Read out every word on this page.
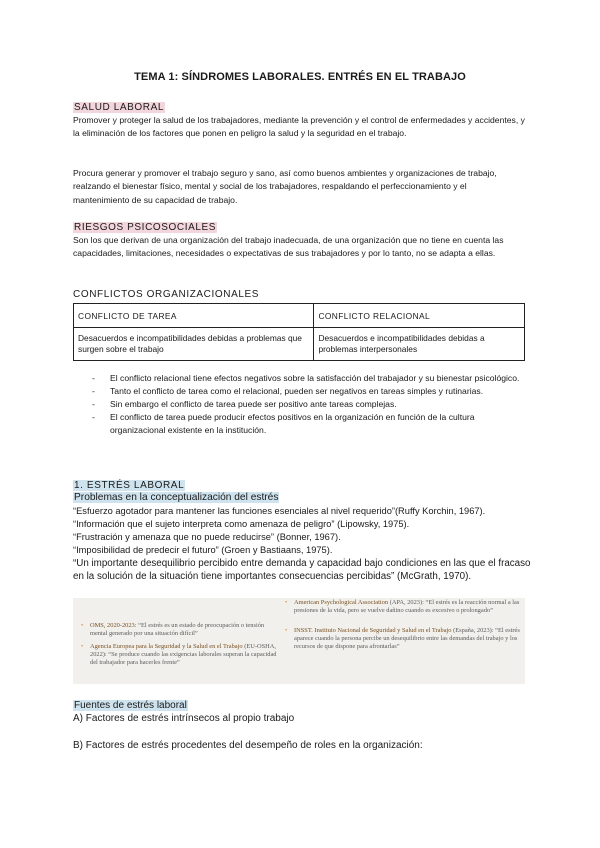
TEMA 1: SÍNDROMES LABORALES. ENTRÉS EN EL TRABAJO
SALUD LABORAL
Promover y proteger la salud de los trabajadores, mediante la prevención y el control de enfermedades y accidentes, y la eliminación de los factores que ponen en peligro la salud y la seguridad en el trabajo.
Procura generar y promover el trabajo seguro y sano, así como buenos ambientes y organizaciones de trabajo, realzando el bienestar físico, mental y social de los trabajadores, respaldando el perfeccionamiento y el mantenimiento de su capacidad de trabajo.
RIESGOS PSICOSOCIALES
Son los que derivan de una organización del trabajo inadecuada, de una organización que no tiene en cuenta las capacidades, limitaciones, necesidades o expectativas de sus trabajadores y por lo tanto, no se adapta a ellas.
CONFLICTOS ORGANIZACIONALES
CONFLICTO DE TAREA	CONFLICTO RELACIONAL
Desacuerdos e incompatibilidades debidas a problemas que surgen sobre el trabajo	Desacuerdos e incompatibilidades debidas a problemas interpersonales
- El conflicto relacional tiene efectos negativos sobre la satisfacción del trabajador y su bienestar psicológico.
- Tanto el conflicto de tarea como el relacional, pueden ser negativos en tareas simples y rutinarias.
- Sin embargo el conflicto de tarea puede ser positivo ante tareas complejas.
- El conflicto de tarea puede producir efectos positivos en la organización en función de la cultura organizacional existente en la institución.
1. ESTRÉS LABORAL
Problemas en la conceptualización del estrés
“Esfuerzo agotador para mantener las funciones esenciales al nivel requerido”(Ruffy Korchin, 1967).
“Información que el sujeto interpreta como amenaza de peligro” (Lipowsky, 1975).
“Frustración y amenaza que no puede reducirse” (Bonner, 1967).
“Imposibilidad de predecir el futuro” (Groen y Bastiaans, 1975).
“Un importante desequilibrio percibido entre demanda y capacidad bajo condiciones en las que el fracaso en la solución de la situación tiene importantes consecuencias percibidas” (McGrath, 1970).
• OMS, 2020-2023: “El estrés es un estado de preocupación o tensión mental generado por una situación difícil”
• Agencia Europea para la Seguridad y la Salud en el Trabajo (EU-OSHA, 2022): “Se produce cuando las exigencias laborales superan la capacidad del trabajador para hacerles frente”
• American Psychological Association (APA, 2023): “El estrés es la reacción normal a las presiones de la vida, pero se vuelve dañino cuando es excesivo o prolongado”
• INSST. Instituto Nacional de Seguridad y Salud en el Trabajo (España, 2023): “El estrés aparece cuando la persona percibe un desequilibrio entre las demandas del trabajo y los recursos de que dispone para afrontarlas”
Fuentes de estrés laboral
A) Factores de estrés intrínsecos al propio trabajo
B) Factores de estrés procedentes del desempeño de roles en la organización:
